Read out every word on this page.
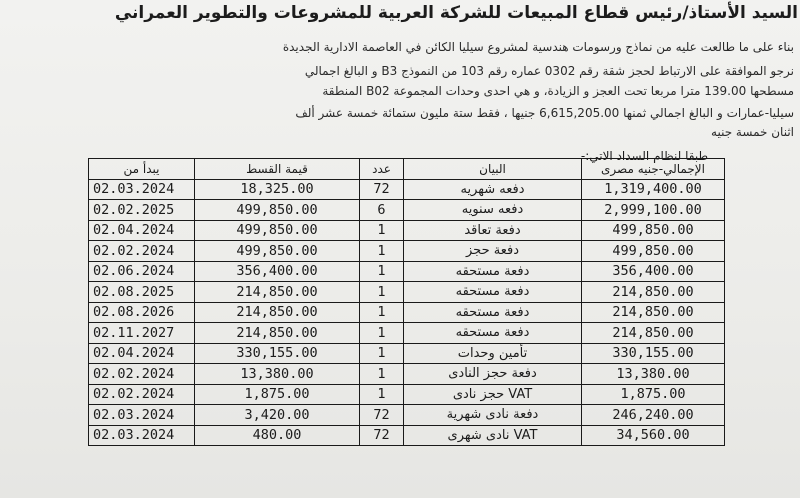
السيد الأستاذ/رئيس قطاع المبيعات للشركة العربية للمشروعات والتطوير العمراني
بناء على ما طالعت عليه من نماذج ورسومات هندسية لمشروع سيليا الكائن في العاصمة الادارية الجديدة
نرجو الموافقة على الارتباط لحجز شقة رقم 0302 عماره رقم 103 من النموذج B3 و البالغ اجمالي
مسطحها 139.00 مترا مربعا تحت العجز و الزيادة، و هي احدى وحدات المجموعة B02 المنطقة
سيليا-عمارات و البالغ اجمالي ثمنها 6,615,205.00 جنيها ، فقط ستة مليون ستمائة خمسة عشر ألف
اثنان خمسة جنيه
طبقا لنظام السداد الاتي:-
يبدأ من	قيمة القسط	عدد	البيان	الإجمالي-جنيه مصرى
02.03.2024	18,325.00	72	دفعه شهريه	1,319,400.00
02.02.2025	499,850.00	6	دفعه سنويه	2,999,100.00
02.04.2024	499,850.00	1	دفعة تعاقد	499,850.00
02.02.2024	499,850.00	1	دفعة حجز	499,850.00
02.06.2024	356,400.00	1	دفعة مستحقه	356,400.00
02.08.2025	214,850.00	1	دفعة مستحقه	214,850.00
02.08.2026	214,850.00	1	دفعة مستحقه	214,850.00
02.11.2027	214,850.00	1	دفعة مستحقه	214,850.00
02.04.2024	330,155.00	1	تأمين وحدات	330,155.00
02.02.2024	13,380.00	1	دفعة حجز النادى	13,380.00
02.02.2024	1,875.00	1	VAT حجز نادى	1,875.00
02.03.2024	3,420.00	72	دفعة نادى شهرية	246,240.00
02.03.2024	480.00	72	VAT نادى شهرى	34,560.00
